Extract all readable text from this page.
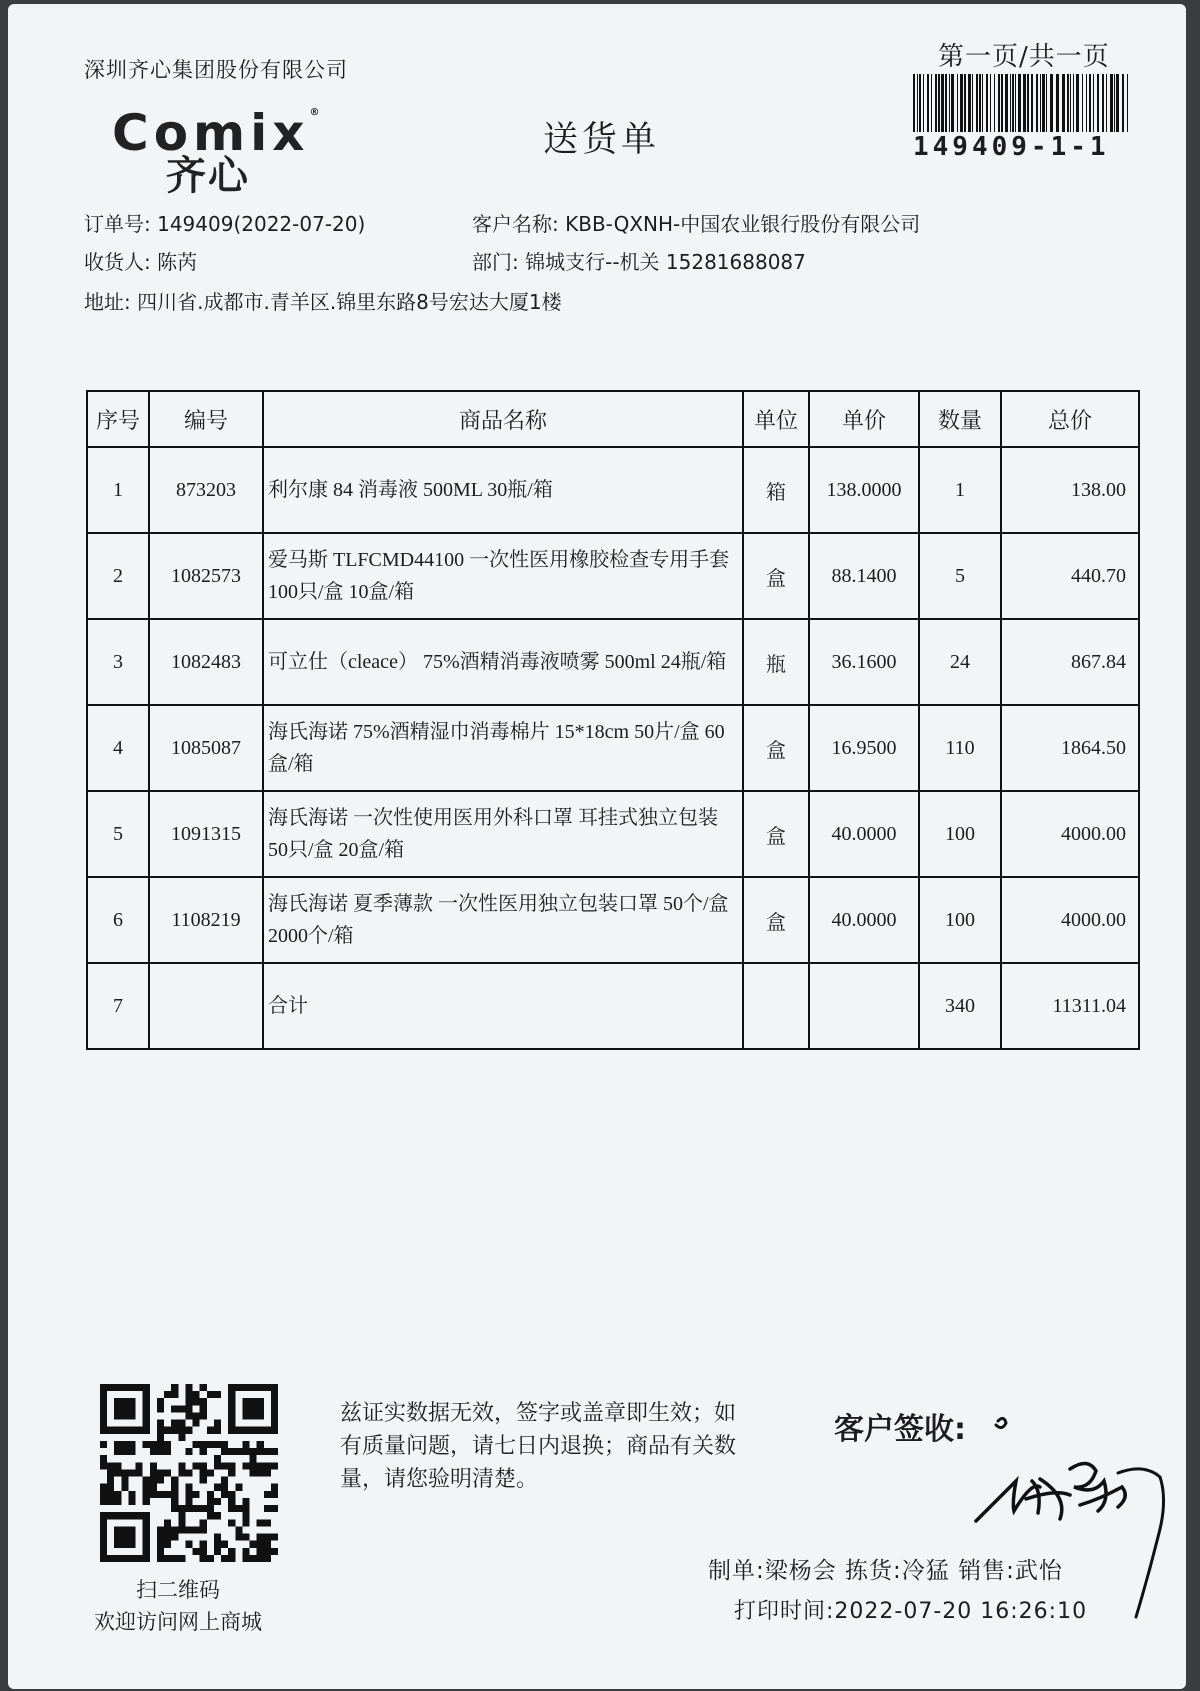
深圳齐心集团股份有限公司
Comix®
齐心
送货单
第一页/共一页
149409-1-1
订单号: 149409(2022-07-20)
收货人: 陈芮
地址: 四川省.成都市.青羊区.锦里东路8号宏达大厦1楼
客户名称: KBB-QXNH-中国农业银行股份有限公司
部门: 锦城支行--机关 15281688087
序号	编号	商品名称	单位	单价	数量	总价
1	873203	利尔康 84 消毒液 500ML 30瓶/箱	箱	138.0000	1	138.00
2	1082573	爱马斯 TLFCMD44100 一次性医用橡胶检查专用手套 100只/盒 10盒/箱	盒	88.1400	5	440.70
3	1082483	可立仕（cleace） 75%酒精消毒液喷雾 500ml 24瓶/箱	瓶	36.1600	24	867.84
4	1085087	海氏海诺 75%酒精湿巾消毒棉片 15*18cm 50片/盒 60盒/箱	盒	16.9500	110	1864.50
5	1091315	海氏海诺 一次性使用医用外科口罩 耳挂式独立包装 50只/盒 20盒/箱	盒	40.0000	100	4000.00
6	1108219	海氏海诺 夏季薄款 一次性医用独立包装口罩 50个/盒 2000个/箱	盒	40.0000	100	4000.00
7		合计			340	11311.04
扫二维码
欢迎访问网上商城
兹证实数据无效，签字或盖章即生效；如有质量问题，请七日内退换；商品有关数量，请您验明清楚。
客户签收:
制单:梁杨会 拣货:冷猛 销售:武怡
打印时间:2022-07-20 16:26:10
